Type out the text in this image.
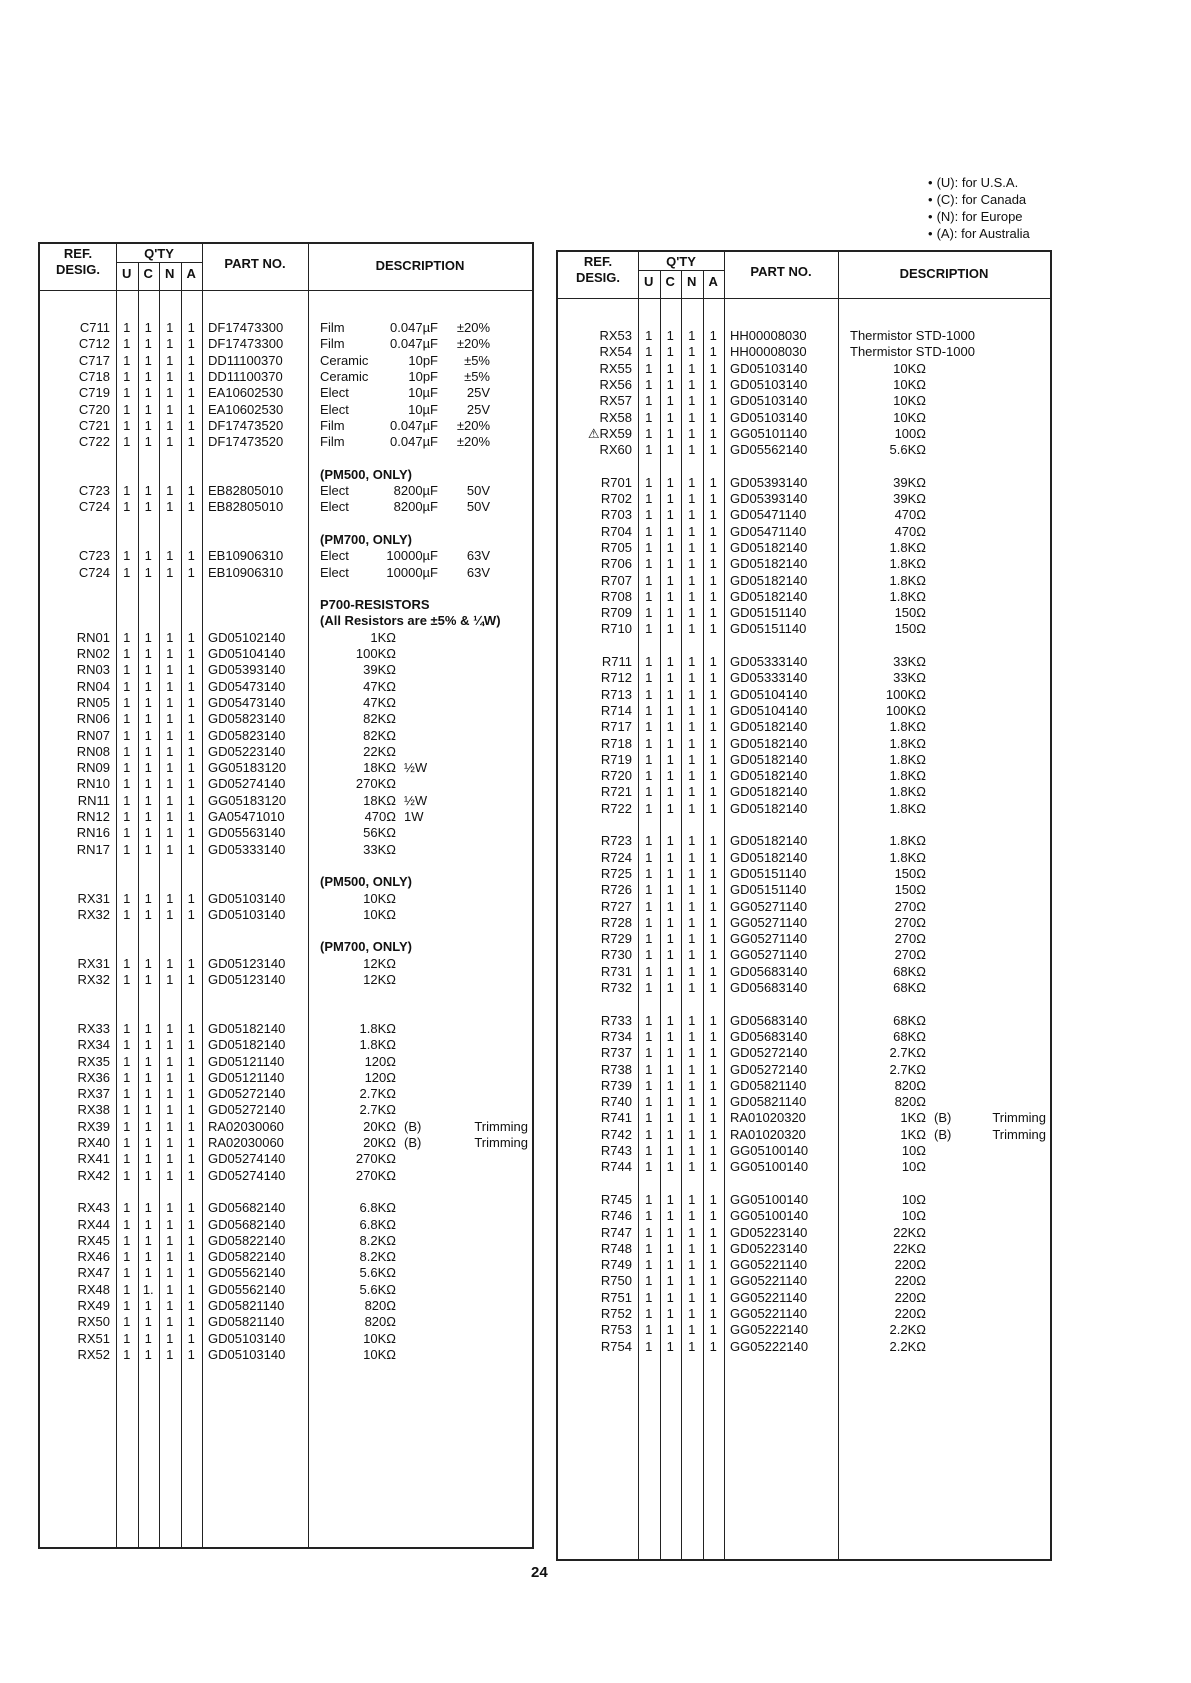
• (U): for U.S.A.
• (C): for Canada
• (N): for Europe
• (A): for Australia
REF.
DESIG.
Q'TY
U C N A
PART NO.	DESCRIPTION
C711	1	1	1	1	DF17473300	Film	0.047µF	±20%
C712	1	1	1	1	DF17473300	Film	0.047µF	±20%
C717	1	1	1	1	DD11100370	Ceramic	10pF	±5%
C718	1	1	1	1	DD11100370	Ceramic	10pF	±5%
C719	1	1	1	1	EA10602530	Elect	10µF	25V
C720	1	1	1	1	EA10602530	Elect	10µF	25V
C721	1	1	1	1	DF17473520	Film	0.047µF	±20%
C722	1	1	1	1	DF17473520	Film	0.047µF	±20%
(PM500, ONLY)
C723	1	1	1	1	EB82805010	Elect	8200µF	50V
C724	1	1	1	1	EB82805010	Elect	8200µF	50V
(PM700, ONLY)
C723	1	1	1	1	EB10906310	Elect	10000µF	63V
C724	1	1	1	1	EB10906310	Elect	10000µF	63V
P700-RESISTORS
(All Resistors are ±5% & ¼W)
RN01	1	1	1	1	GD05102140	1KΩ
RN02	1	1	1	1	GD05104140	100KΩ
RN03	1	1	1	1	GD05393140	39KΩ
RN04	1	1	1	1	GD05473140	47KΩ
RN05	1	1	1	1	GD05473140	47KΩ
RN06	1	1	1	1	GD05823140	82KΩ
RN07	1	1	1	1	GD05823140	82KΩ
RN08	1	1	1	1	GD05223140	22KΩ
RN09	1	1	1	1	GG05183120	18KΩ ½W
RN10	1	1	1	1	GD05274140	270KΩ
RN11	1	1	1	1	GG05183120	18KΩ ½W
RN12	1	1	1	1	GA05471010	470Ω 1W
RN16	1	1	1	1	GD05563140	56KΩ
RN17	1	1	1	1	GD05333140	33KΩ
(PM500, ONLY)
RX31	1	1	1	1	GD05103140	10KΩ
RX32	1	1	1	1	GD05103140	10KΩ
(PM700, ONLY)
RX31	1	1	1	1	GD05123140	12KΩ
RX32	1	1	1	1	GD05123140	12KΩ
RX33	1	1	1	1	GD05182140	1.8KΩ
RX34	1	1	1	1	GD05182140	1.8KΩ
RX35	1	1	1	1	GD05121140	120Ω
RX36	1	1	1	1	GD05121140	120Ω
RX37	1	1	1	1	GD05272140	2.7KΩ
RX38	1	1	1	1	GD05272140	2.7KΩ
RX39	1	1	1	1	RA02030060	20KΩ (B)	Trimming
RX40	1	1	1	1	RA02030060	20KΩ (B)	Trimming
RX41	1	1	1	1	GD05274140	270KΩ
RX42	1	1	1	1	GD05274140	270KΩ
RX43	1	1	1	1	GD05682140	6.8KΩ
RX44	1	1	1	1	GD05682140	6.8KΩ
RX45	1	1	1	1	GD05822140	8.2KΩ
RX46	1	1	1	1	GD05822140	8.2KΩ
RX47	1	1	1	1	GD05562140	5.6KΩ
RX48	1 1. 1	1	GD05562140	5.6KΩ
RX49	1	1	1	1	GD05821140	820Ω
RX50	1	1	1	1	GD05821140	820Ω
RX51	1	1	1	1	GD05103140	10KΩ
RX52	1	1	1	1	GD05103140	10KΩ
REF.
DESIG.
Q'TY
U C N A
PART NO.	DESCRIPTION
RX53	1	1	1	1	HH00008030	Thermistor STD-1000
RX54	1	1	1	1	HH00008030	Thermistor STD-1000
RX55	1	1	1	1	GD05103140	10KΩ
RX56	1	1	1	1	GD05103140	10KΩ
RX57	1	1	1	1	GD05103140	10KΩ
RX58	1	1	1	1	GD05103140	10KΩ
⚠RX59	1	1	1	1	GG05101140	100Ω
RX60	1	1	1	1	GD05562140	5.6KΩ
R701	1	1	1	1	GD05393140	39KΩ
R702	1	1	1	1	GD05393140	39KΩ
R703	1	1	1	1	GD05471140	470Ω
R704	1	1	1	1	GD05471140	470Ω
R705	1	1	1	1	GD05182140	1.8KΩ
R706	1	1	1	1	GD05182140	1.8KΩ
R707	1	1	1	1	GD05182140	1.8KΩ
R708	1	1	1	1	GD05182140	1.8KΩ
R709	1	1	1	1	GD05151140	150Ω
R710	1	1	1	1	GD05151140	150Ω
R711	1	1	1	1	GD05333140	33KΩ
R712	1	1	1	1	GD05333140	33KΩ
R713	1	1	1	1	GD05104140	100KΩ
R714	1	1	1	1	GD05104140	100KΩ
R717	1	1	1	1	GD05182140	1.8KΩ
R718	1	1	1	1	GD05182140	1.8KΩ
R719	1	1	1	1	GD05182140	1.8KΩ
R720	1	1	1	1	GD05182140	1.8KΩ
R721	1	1	1	1	GD05182140	1.8KΩ
R722	1	1	1	1	GD05182140	1.8KΩ
R723	1	1	1	1	GD05182140	1.8KΩ
R724	1	1	1	1	GD05182140	1.8KΩ
R725	1	1	1	1	GD05151140	150Ω
R726	1	1	1	1	GD05151140	150Ω
R727	1	1	1	1	GG05271140	270Ω
R728	1	1	1	1	GG05271140	270Ω
R729	1	1	1	1	GG05271140	270Ω
R730	1	1	1	1	GG05271140	270Ω
R731	1	1	1	1	GD05683140	68KΩ
R732	1	1	1	1	GD05683140	68KΩ
R733	1	1	1	1	GD05683140	68KΩ
R734	1	1	1	1	GD05683140	68KΩ
R737	1	1	1	1	GD05272140	2.7KΩ
R738	1	1	1	1	GD05272140	2.7KΩ
R739	1	1	1	1	GD05821140	820Ω
R740	1	1	1	1	GD05821140	820Ω
R741	1	1	1	1	RA01020320	1KΩ (B)	Trimming
R742	1	1	1	1	RA01020320	1KΩ (B)	Trimming
R743	1	1	1	1	GG05100140	10Ω
R744	1	1	1	1	GG05100140	10Ω
R745	1	1	1	1	GG05100140	10Ω
R746	1	1	1	1	GG05100140	10Ω
R747	1	1	1	1	GD05223140	22KΩ
R748	1	1	1	1	GD05223140	22KΩ
R749	1	1	1	1	GG05221140	220Ω
R750	1	1	1	1	GG05221140	220Ω
R751	1	1	1	1	GG05221140	220Ω
R752	1	1	1	1	GG05221140	220Ω
R753	1	1	1	1	GG05222140	2.2KΩ
R754	1	1	1	1	GG05222140	2.2KΩ
24
